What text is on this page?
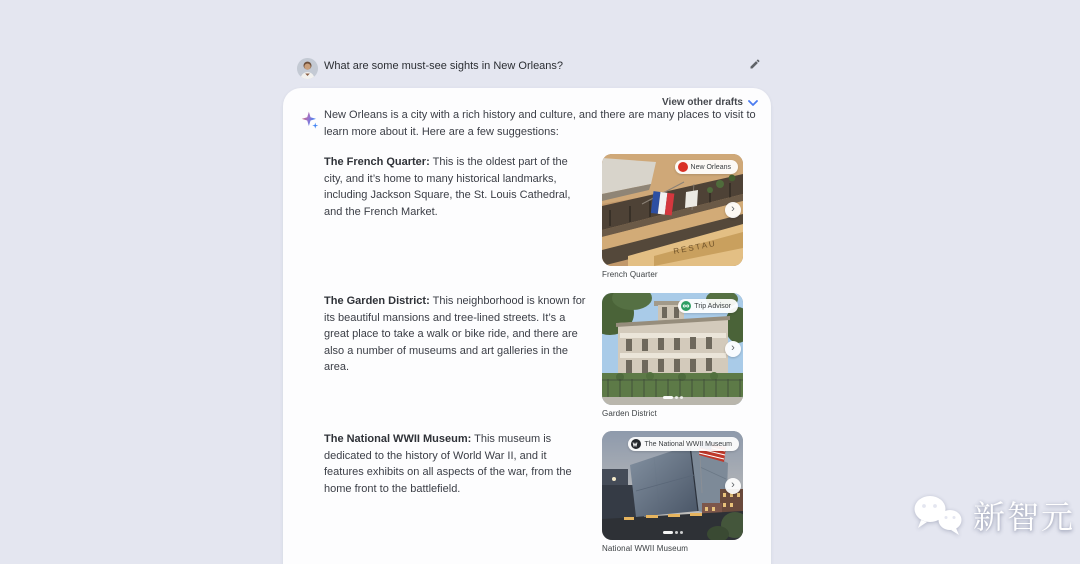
What are some must-see sights in New Orleans?
View other drafts
New Orleans is a city with a rich history and culture, and there are many places to visit to learn more about it. Here are a few suggestions:
The French Quarter: This is the oldest part of the city, and it’s home to many historical landmarks, including Jackson Square, the St. Louis Cathedral, and the French Market.
RESTAU
New Orleans
›
French Quarter
The Garden District: This neighborhood is known for its beautiful mansions and tree-lined streets. It’s a great place to take a walk or bike ride, and there are also a number of museums and art galleries in the area.
Trip Advisor
›
Garden District
The National WWII Museum: This museum is dedicated to the history of World War II, and it features exhibits on all aspects of the war, from the home front to the battlefield.
The National WWII Museum
›
National WWII Museum
新智元
